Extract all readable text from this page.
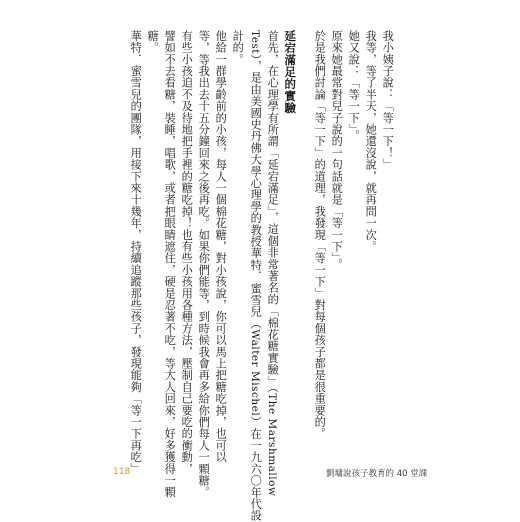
我小姨子說：「等一下！」
我等，等了半天，她還沒說，就再問一次。
她又說：「等一下」。
原來她最常對兒子說的一句話就是「等一下」。
於是我們討論「等一下」的道理，我發現「等一下」對每個孩子都是很重要的。
延宕滿足的實驗
首先，在心理學有所謂「延宕滿足」，這個非常著名的「棉花糖實驗」（The Marshmallow
Test），是由美國史丹佛大學心理學的教授華特．蜜雪兒（Walter Mischel）在一九六〇年代設
計的。
他給一群學齡前的小孩，每人一個棉花糖，對小孩說，你可以馬上把糖吃掉，也可以
等，等我出去十五分鐘回來之後再吃。如果你們能等，到時候我會再多給你們每人一顆糖。
有些小孩迫不及待地把手裡的糖吃掉！也有些小孩用各種方法，壓制自己要吃的衝動，
譬如不去看糖，裝睡，唱歌，或者把眼睛遮住，硬是忍著不吃，等大人回來，好多獲得一顆
糖。
華特．蜜雪兒的團隊，用接下來十幾年，持續追蹤那些孩子，發現能夠「等一下再吃」
118	劉墉說孩子教育的 40 堂課
